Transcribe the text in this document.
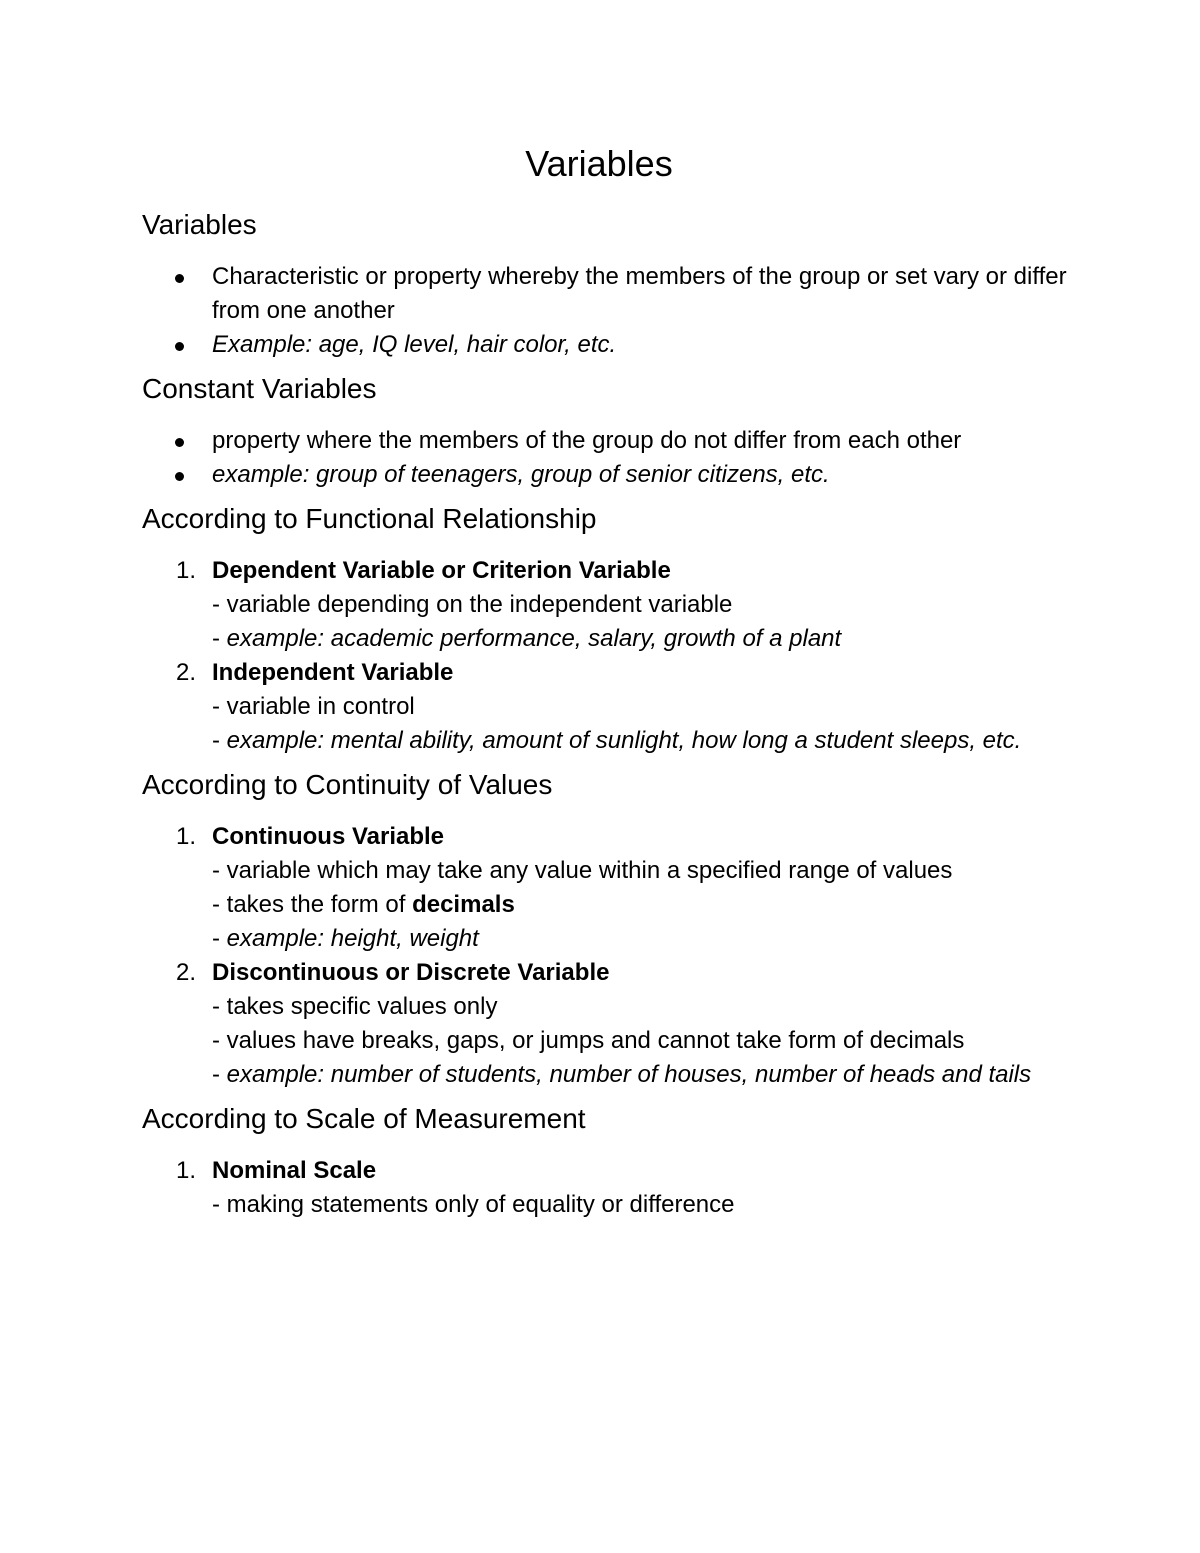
Variables
Variables
Characteristic or property whereby the members of the group or set vary or differ from one another
Example: age, IQ level, hair color, etc.
Constant Variables
property where the members of the group do not differ from each other
example: group of teenagers, group of senior citizens, etc.
According to Functional Relationship
1. Dependent Variable or Criterion Variable
- variable depending on the independent variable
- example: academic performance, salary, growth of a plant
2. Independent Variable
- variable in control
- example: mental ability, amount of sunlight, how long a student sleeps, etc.
According to Continuity of Values
1. Continuous Variable
- variable which may take any value within a specified range of values
- takes the form of decimals
- example: height, weight
2. Discontinuous or Discrete Variable
- takes specific values only
- values have breaks, gaps, or jumps and cannot take form of decimals
- example: number of students, number of houses, number of heads and tails
According to Scale of Measurement
1. Nominal Scale
- making statements only of equality or difference
